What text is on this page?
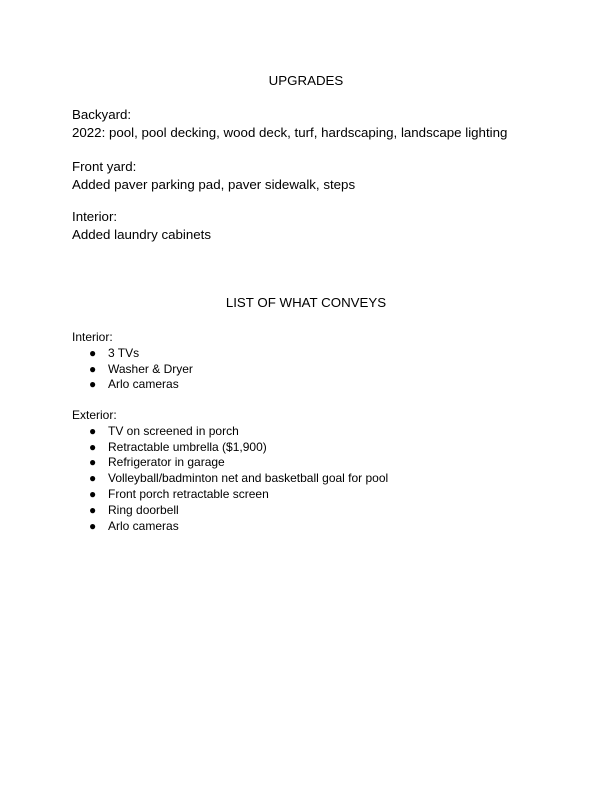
UPGRADES
Backyard:
2022: pool, pool decking, wood deck, turf, hardscaping, landscape lighting
Front yard:
Added paver parking pad, paver sidewalk, steps
Interior:
Added laundry cabinets
LIST OF WHAT CONVEYS
Interior:
● 3 TVs
● Washer & Dryer
● Arlo cameras
Exterior:
● TV on screened in porch
● Retractable umbrella ($1,900)
● Refrigerator in garage
● Volleyball/badminton net and basketball goal for pool
● Front porch retractable screen
● Ring doorbell
● Arlo cameras
